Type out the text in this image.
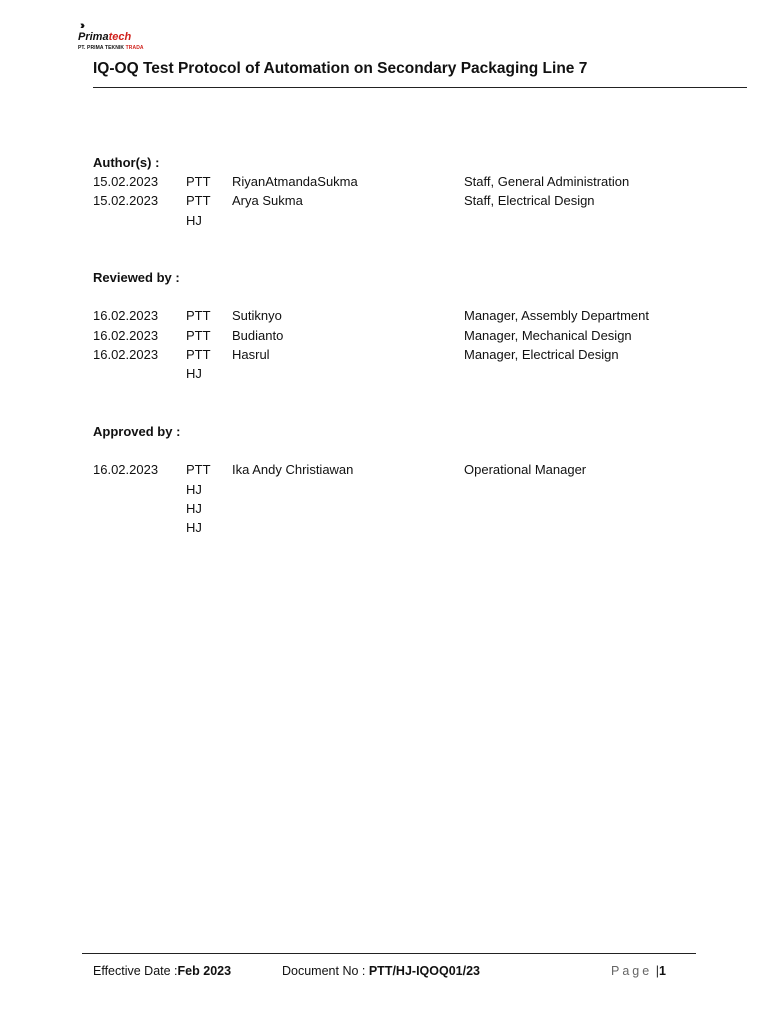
›››
Primatech
PT. PRIMA TEKNIK TRADA
IQ-OQ Test Protocol of Automation on Secondary Packaging Line 7
Author(s) :
15.02.2023 PTT RiyanAtmandaSukma	Staff, General Administration
15.02.2023 PTT Arya Sukma	Staff, Electrical Design
HJ
Reviewed by :
16.02.2023 PTT Sutiknyo	Manager, Assembly Department
16.02.2023 PTT Budianto	Manager, Mechanical Design
16.02.2023 PTT Hasrul	Manager, Electrical Design
HJ
Approved by :
16.02.2023 PTT Ika Andy Christiawan	Operational Manager
HJ
HJ
HJ
Effective Date :Feb 2023	Document No : PTT/HJ-IQOQ01/23	Page |1
